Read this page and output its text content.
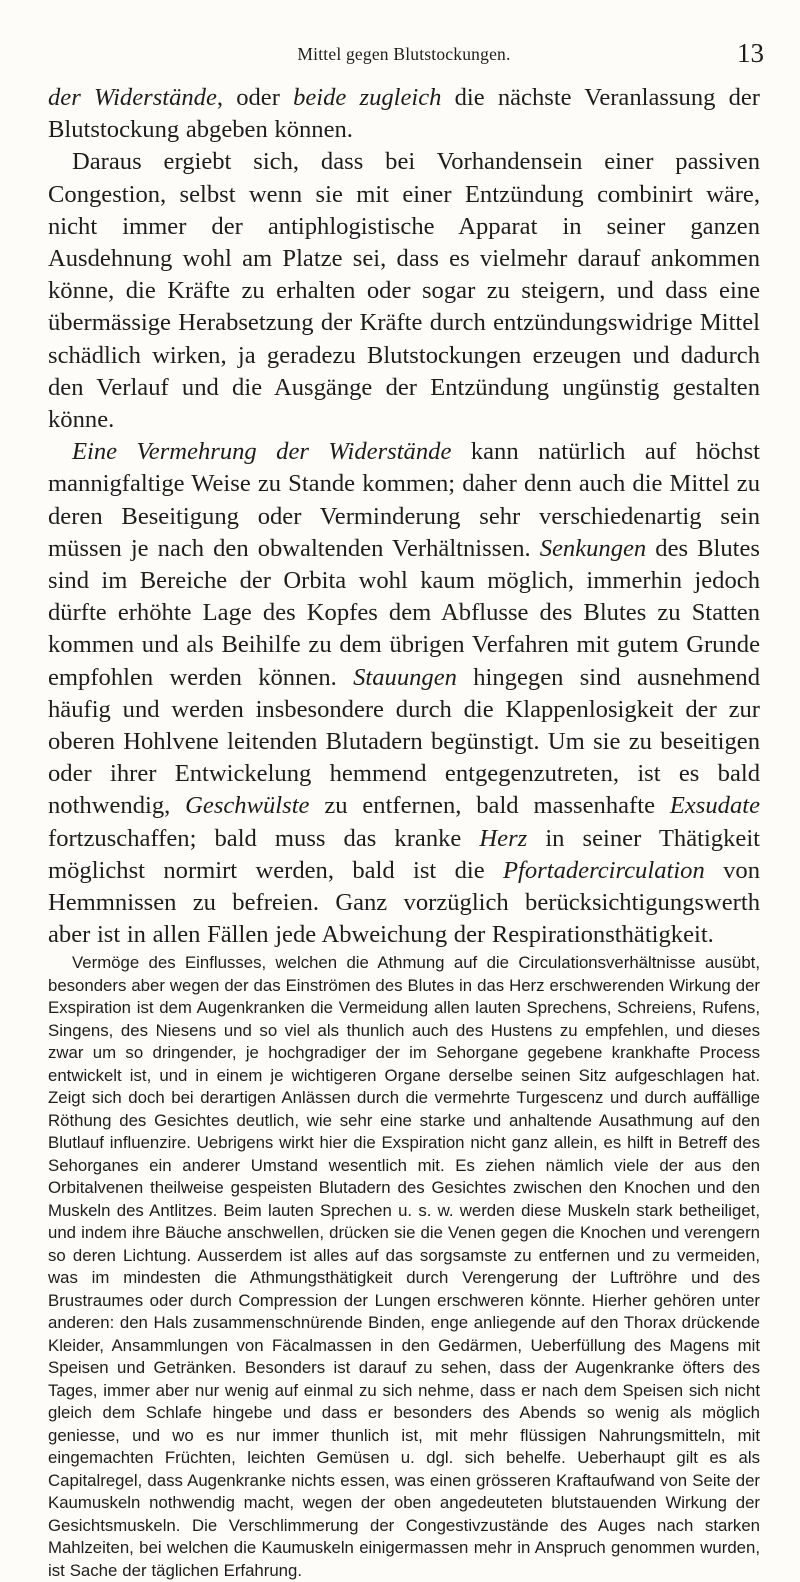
Mittel gegen Blutstockungen.	13

der Widerstände, oder beide zugleich die nächste Veranlassung der Blutstockung abgeben können.

Daraus ergiebt sich, dass bei Vorhandensein einer passiven Congestion, selbst wenn sie mit einer Entzündung combinirt wäre, nicht immer der antiphlogistische Apparat in seiner ganzen Ausdehnung wohl am Platze sei, dass es vielmehr darauf ankommen könne, die Kräfte zu erhalten oder sogar zu steigern, und dass eine übermässige Herabsetzung der Kräfte durch entzündungswidrige Mittel schädlich wirken, ja geradezu Blutstockungen erzeugen und dadurch den Verlauf und die Ausgänge der Entzündung ungünstig gestalten könne.

Eine Vermehrung der Widerstände kann natürlich auf höchst mannigfaltige Weise zu Stande kommen; daher denn auch die Mittel zu deren Beseitigung oder Verminderung sehr verschiedenartig sein müssen je nach den obwaltenden Verhältnissen. Senkungen des Blutes sind im Bereiche der Orbita wohl kaum möglich, immerhin jedoch dürfte erhöhte Lage des Kopfes dem Abflusse des Blutes zu Statten kommen und als Beihilfe zu dem übrigen Verfahren mit gutem Grunde empfohlen werden können. Stauungen hingegen sind ausnehmend häufig und werden insbesondere durch die Klappenlosigkeit der zur oberen Hohlvene leitenden Blutadern begünstigt. Um sie zu beseitigen oder ihrer Entwickelung hemmend entgegenzutreten, ist es bald nothwendig, Geschwülste zu entfernen, bald massenhafte Exsudate fortzuschaffen; bald muss das kranke Herz in seiner Thätigkeit möglichst normirt werden, bald ist die Pfortadercirculation von Hemmnissen zu befreien. Ganz vorzüglich berücksichtigungswerth aber ist in allen Fällen jede Abweichung der Respirationsthätigkeit.

Vermöge des Einflusses, welchen die Athmung auf die Circulationsverhältnisse ausübt, besonders aber wegen der das Einströmen des Blutes in das Herz erschwerenden Wirkung der Exspiration ist dem Augenkranken die Vermeidung allen lauten Sprechens, Schreiens, Rufens, Singens, des Niesens und so viel als thunlich auch des Hustens zu empfehlen, und dieses zwar um so dringender, je hochgradiger der im Sehorgane gegebene krankhafte Process entwickelt ist, und in einem je wichtigeren Organe derselbe seinen Sitz aufgeschlagen hat. Zeigt sich doch bei derartigen Anlässen durch die vermehrte Turgescenz und durch auffällige Röthung des Gesichtes deutlich, wie sehr eine starke und anhaltende Ausathmung auf den Blutlauf influenzire. Uebrigens wirkt hier die Exspiration nicht ganz allein, es hilft in Betreff des Sehorganes ein anderer Umstand wesentlich mit. Es ziehen nämlich viele der aus den Orbitalvenen theilweise gespeisten Blutadern des Gesichtes zwischen den Knochen und den Muskeln des Antlitzes. Beim lauten Sprechen u. s. w. werden diese Muskeln stark betheiliget, und indem ihre Bäuche anschwellen, drücken sie die Venen gegen die Knochen und verengern so deren Lichtung. Ausserdem ist alles auf das sorgsamste zu entfernen und zu vermeiden, was im mindesten die Athmungsthätigkeit durch Verengerung der Luftröhre und des Brustraumes oder durch Compression der Lungen erschweren könnte. Hierher gehören unter anderen: den Hals zusammenschnürende Binden, enge anliegende auf den Thorax drückende Kleider, Ansammlungen von Fäcalmassen in den Gedärmen, Ueberfüllung des Magens mit Speisen und Getränken. Besonders ist darauf zu sehen, dass der Augenkranke öfters des Tages, immer aber nur wenig auf einmal zu sich nehme, dass er nach dem Speisen sich nicht gleich dem Schlafe hingebe und dass er besonders des Abends so wenig als möglich geniesse, und wo es nur immer thunlich ist, mit mehr flüssigen Nahrungsmitteln, mit eingemachten Früchten, leichten Gemüsen u. dgl. sich behelfe. Ueberhaupt gilt es als Capitalregel, dass Augenkranke nichts essen, was einen grösseren Kraftaufwand von Seite der Kaumuskeln nothwendig macht, wegen der oben angedeuteten blutstauenden Wirkung der Gesichtsmuskeln. Die Verschlimmerung der Congestivzustände des Auges nach starken Mahlzeiten, bei welchen die Kaumuskeln einigermassen mehr in Anspruch genommen wurden, ist Sache der täglichen Erfahrung.
